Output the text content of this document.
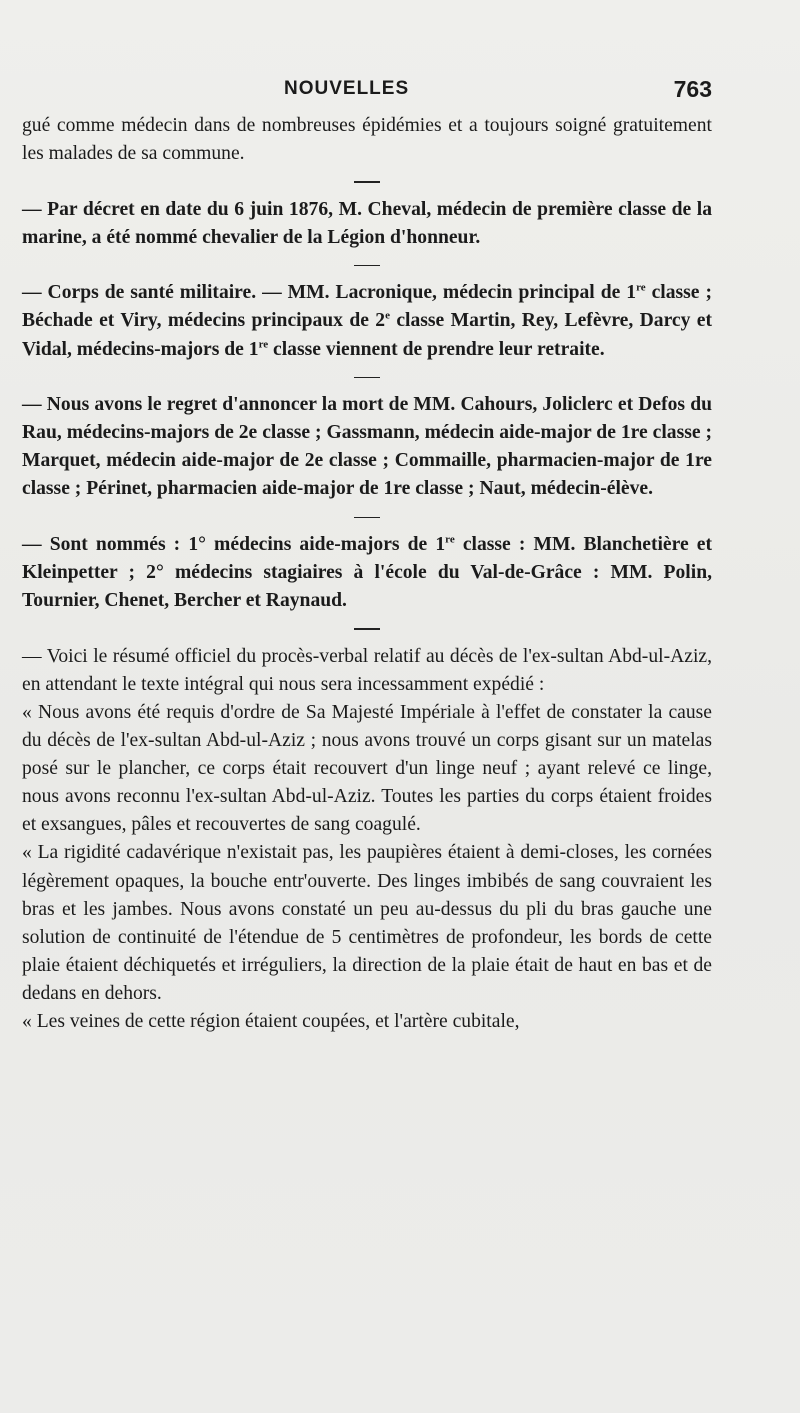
NOUVELLES	763

gué comme médecin dans de nombreuses épidémies et a toujours soigné gratuitement les malades de sa commune.

— Par décret en date du 6 juin 1876, M. Cheval, médecin de première classe de la marine, a été nommé chevalier de la Légion d'honneur.

— Corps de santé militaire. — MM. Lacronique, médecin principal de 1re classe ; Béchade et Viry, médecins principaux de 2e classe Martin, Rey, Lefèvre, Darcy et Vidal, médecins-majors de 1re classe viennent de prendre leur retraite.

— Nous avons le regret d'annoncer la mort de MM. Cahours, Joliclerc et Defos du Rau, médecins-majors de 2e classe ; Gassmann, médecin aide-major de 1re classe ; Marquet, médecin aide-major de 2e classe ; Commaille, pharmacien-major de 1re classe ; Périnet, pharmacien aide-major de 1re classe ; Naut, médecin-élève.

— Sont nommés : 1° médecins aide-majors de 1re classe : MM. Blanchetière et Kleinpetter ; 2° médecins stagiaires à l'école du Val-de-Grâce : MM. Polin, Tournier, Chenet, Bercher et Raynaud.

— Voici le résumé officiel du procès-verbal relatif au décès de l'ex-sultan Abd-ul-Aziz, en attendant le texte intégral qui nous sera incessamment expédié :

« Nous avons été requis d'ordre de Sa Majesté Impériale à l'effet de constater la cause du décès de l'ex-sultan Abd-ul-Aziz ; nous avons trouvé un corps gisant sur un matelas posé sur le plancher, ce corps était recouvert d'un linge neuf ; ayant relevé ce linge, nous avons reconnu l'ex-sultan Abd-ul-Aziz. Toutes les parties du corps étaient froides et exsangues, pâles et recouvertes de sang coagulé.

« La rigidité cadavérique n'existait pas, les paupières étaient à demi-closes, les cornées légèrement opaques, la bouche entr'ouverte. Des linges imbibés de sang couvraient les bras et les jambes. Nous avons constaté un peu au-dessus du pli du bras gauche une solution de continuité de l'étendue de 5 centimètres de profondeur, les bords de cette plaie étaient déchiquetés et irréguliers, la direction de la plaie était de haut en bas et de dedans en dehors.

« Les veines de cette région étaient coupées, et l'artère cubitale,
